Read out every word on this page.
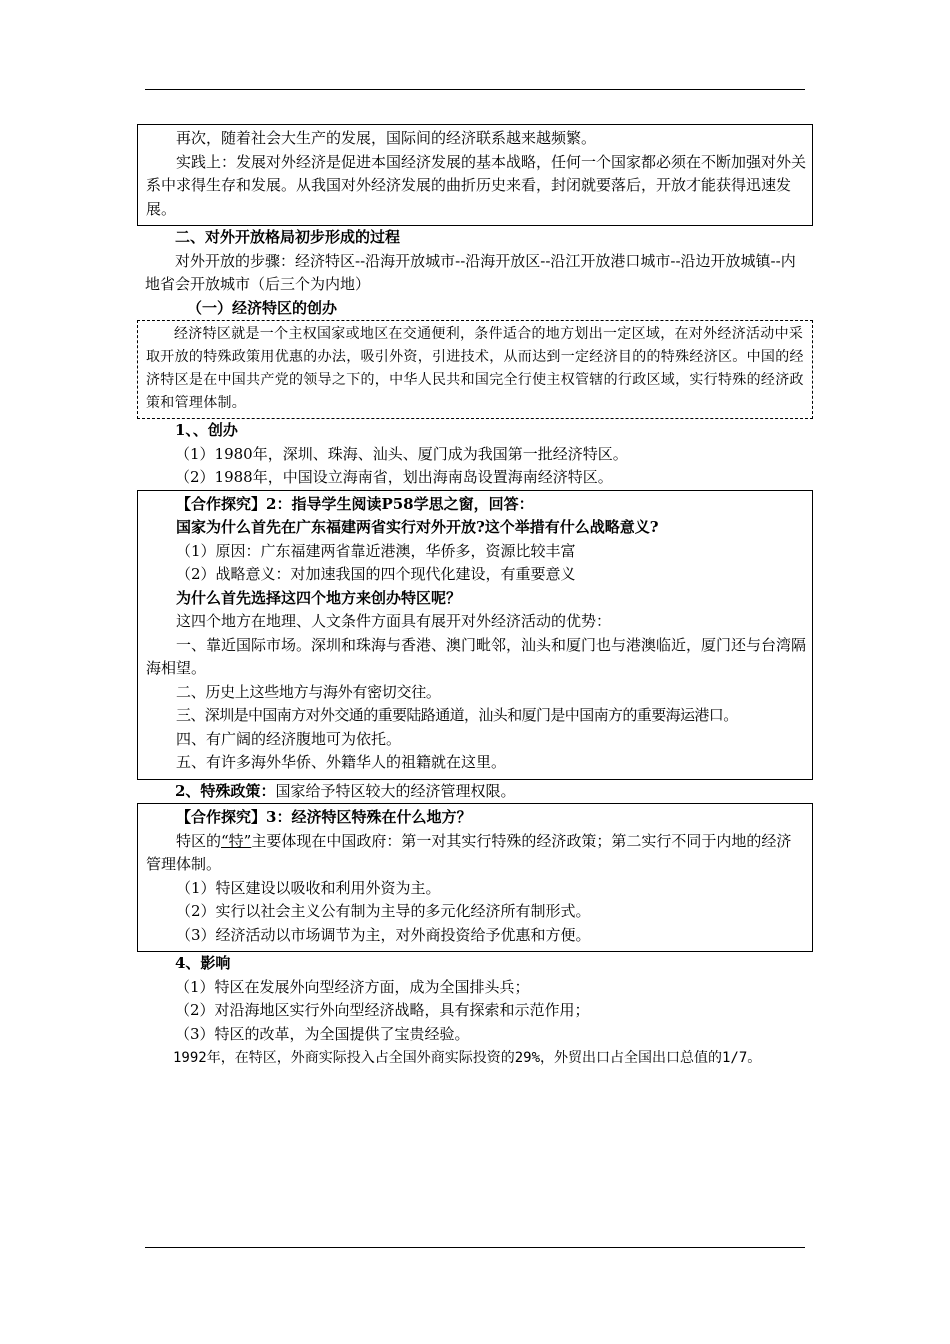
再次，随着社会大生产的发展，国际间的经济联系越来越频繁。

实践上：发展对外经济是促进本国经济发展的基本战略，任何一个国家都必须在不断加强对外关系中求得生存和发展。从我国对外经济发展的曲折历史来看，封闭就要落后，开放才能获得迅速发展。

二、对外开放格局初步形成的过程

对外开放的步骤：经济特区--沿海开放城市--沿海开放区--沿江开放港口城市--沿边开放城镇--内地省会开放城市（后三个为内地）

（一）经济特区的创办

经济特区就是一个主权国家或地区在交通便利，条件适合的地方划出一定区域，在对外经济活动中采取开放的特殊政策用优惠的办法，吸引外资，引进技术，从而达到一定经济目的的特殊经济区。中国的经济特区是在中国共产党的领导之下的，中华人民共和国完全行使主权管辖的行政区域，实行特殊的经济政策和管理体制。

1、、创办

（1）1980年，深圳、珠海、汕头、厦门成为我国第一批经济特区。

（2）1988年，中国设立海南省，划出海南岛设置海南经济特区。

【合作探究】2：指导学生阅读P58学思之窗，回答：

国家为什么首先在广东福建两省实行对外开放?这个举措有什么战略意义?

（1）原因：广东福建两省靠近港澳，华侨多，资源比较丰富

（2）战略意义：对加速我国的四个现代化建设，有重要意义

为什么首先选择这四个地方来创办特区呢？

这四个地方在地理、人文条件方面具有展开对外经济活动的优势：

一、靠近国际市场。深圳和珠海与香港、澳门毗邻，汕头和厦门也与港澳临近，厦门还与台湾隔海相望。

二、历史上这些地方与海外有密切交往。

三、深圳是中国南方对外交通的重要陆路通道，汕头和厦门是中国南方的重要海运港口。

四、有广阔的经济腹地可为依托。

五、有许多海外华侨、外籍华人的祖籍就在这里。

2、特殊政策：国家给予特区较大的经济管理权限。

【合作探究】3：经济特区特殊在什么地方？

特区的“特”主要体现在中国政府：第一对其实行特殊的经济政策；第二实行不同于内地的经济管理体制。

（1）特区建设以吸收和利用外资为主。

（2）实行以社会主义公有制为主导的多元化经济所有制形式。

（3）经济活动以市场调节为主，对外商投资给予优惠和方便。

4、影响

（1）特区在发展外向型经济方面，成为全国排头兵；

（2）对沿海地区实行外向型经济战略，具有探索和示范作用；

（3）特区的改革，为全国提供了宝贵经验。

1992年，在特区，外商实际投入占全国外商实际投资的29%，外贸出口占全国出口总值的1/7。
